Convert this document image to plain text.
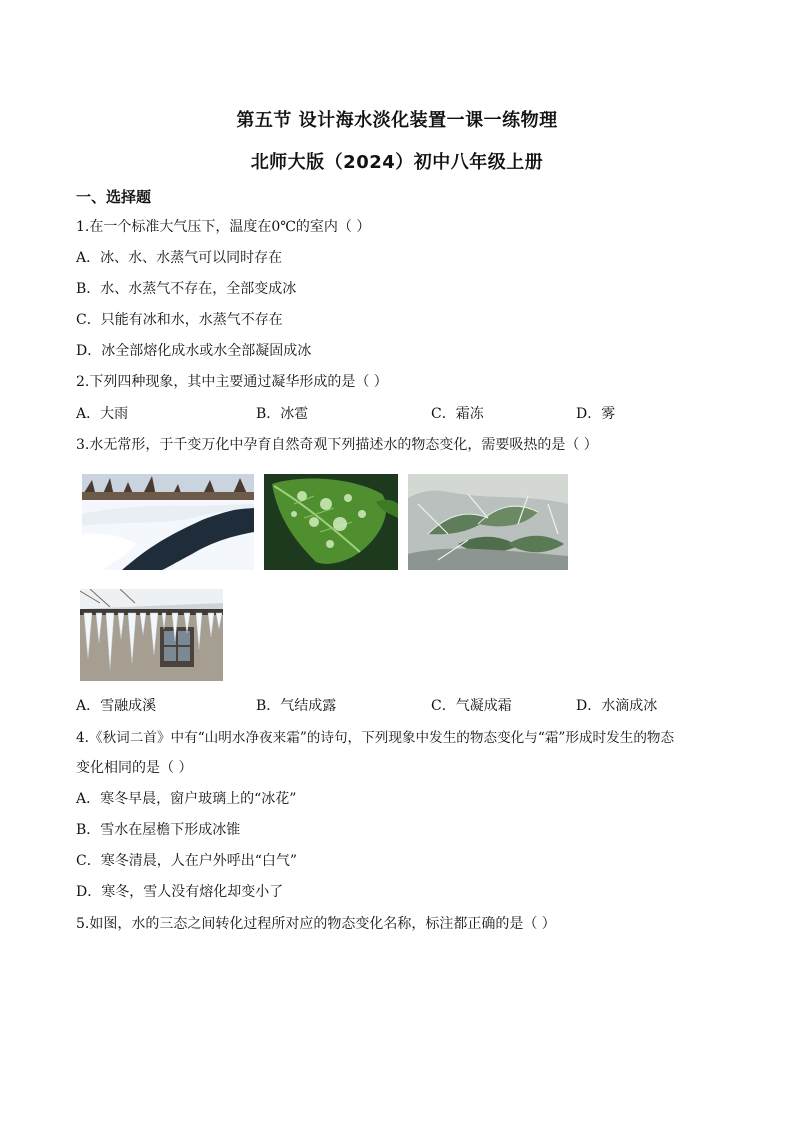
第五节 设计海水淡化装置一课一练物理
北师大版（2024）初中八年级上册
一、选择题
1.在一个标准大气压下，温度在0℃的室内（ ）
A．冰、水、水蒸气可以同时存在
B．水、水蒸气不存在，全部变成冰
C．只能有冰和水，水蒸气不存在
D．冰全部熔化成水或水全部凝固成冰
2.下列四种现象，其中主要通过凝华形成的是（ ）
A．大雨	B．冰雹	C．霜冻	D．雾
3.水无常形，于千变万化中孕育自然奇观下列描述水的物态变化，需要吸热的是（ ）
A．雪融成溪	B．气结成露	C．气凝成霜	D．水滴成冰
4.《秋词二首》中有“山明水净夜来霜”的诗句，下列现象中发生的物态变化与“霜”形成时发生的物态
变化相同的是（ ）
A．寒冬早晨，窗户玻璃上的“冰花”
B．雪水在屋檐下形成冰锥
C．寒冬清晨，人在户外呼出“白气”
D．寒冬，雪人没有熔化却变小了
5.如图，水的三态之间转化过程所对应的物态变化名称，标注都正确的是（ ）
